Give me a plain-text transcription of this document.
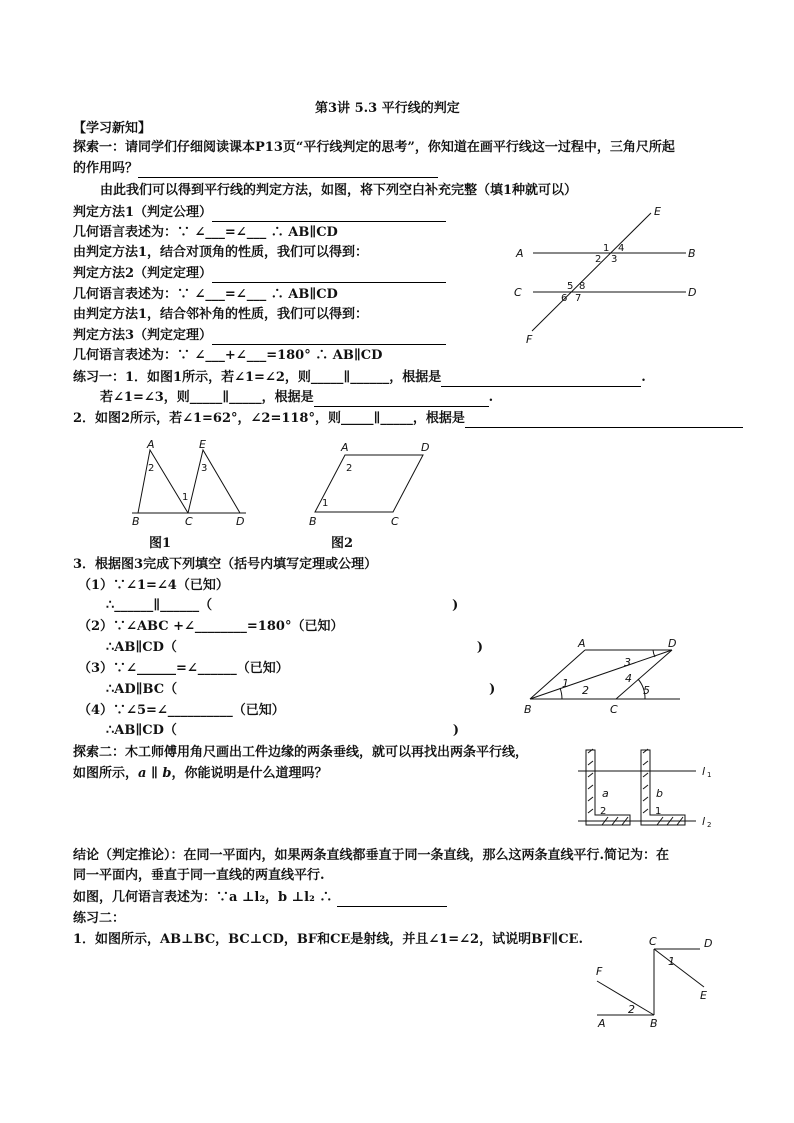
第3讲 5.3 平行线的判定
【学习新知】
探索一：请同学们仔细阅读课本P13页“平行线判定的思考”，你知道在画平行线这一过程中，三角尺所起
的作用吗？
由此我们可以得到平行线的判定方法，如图，将下列空白补充完整（填1种就可以）
判定方法1（判定公理）
几何语言表述为：∵ ∠___=∠___ ∴ AB∥CD
由判定方法1，结合对顶角的性质，我们可以得到：
判定方法2（判定定理）
几何语言表述为：∵ ∠___=∠___ ∴ AB∥CD
由判定方法1，结合邻补角的性质，我们可以得到：
判定方法3（判定定理）
几何语言表述为：∵ ∠___+∠___=180° ∴ AB∥CD
E
A	B
C	D
F
1 4
2 3
5 8
6 7
练习一：1．如图1所示，若∠1=∠2，则_____∥______，根据是	.
若∠1=∠3，则_____∥_____，根据是	.
2．如图2所示，若∠1=62°，∠2=118°，则_____∥_____，根据是
A	E
2	3
1
B	C	D
图1
A	D
2
1
B	C
图2
3．根据图3完成下列填空（括号内填写定理或公理）
（1）∵∠1=∠4（已知）
∴______∥______（	)
（2）∵∠ABC +∠________=180°（已知）
∴AB∥CD（	)
（3）∵∠______=∠______（已知）
∴AD∥BC（	)
（4）∵∠5=∠__________（已知）
∴AB∥CD（	)
A	D
3
1	4
2	5
B	C
探索二：木工师傅用角尺画出工件边缘的两条垂线，就可以再找出两条平行线，
如图所示，a ∥ b，你能说明是什么道理吗？	l 1
a	b
2	1
l 2
结论（判定推论）：在同一平面内，如果两条直线都垂直于同一条直线，那么这两条直线平行.简记为：在
同一平面内，垂直于同一直线的两直线平行.
如图，几何语言表述为：∵a ⊥l₂，b ⊥l₂ ∴
练习二：
1．如图所示，AB⊥BC，BC⊥CD，BF和CE是射线，并且∠1=∠2，试说明BF∥CE.	C	D
1
F
E
2
A	B
